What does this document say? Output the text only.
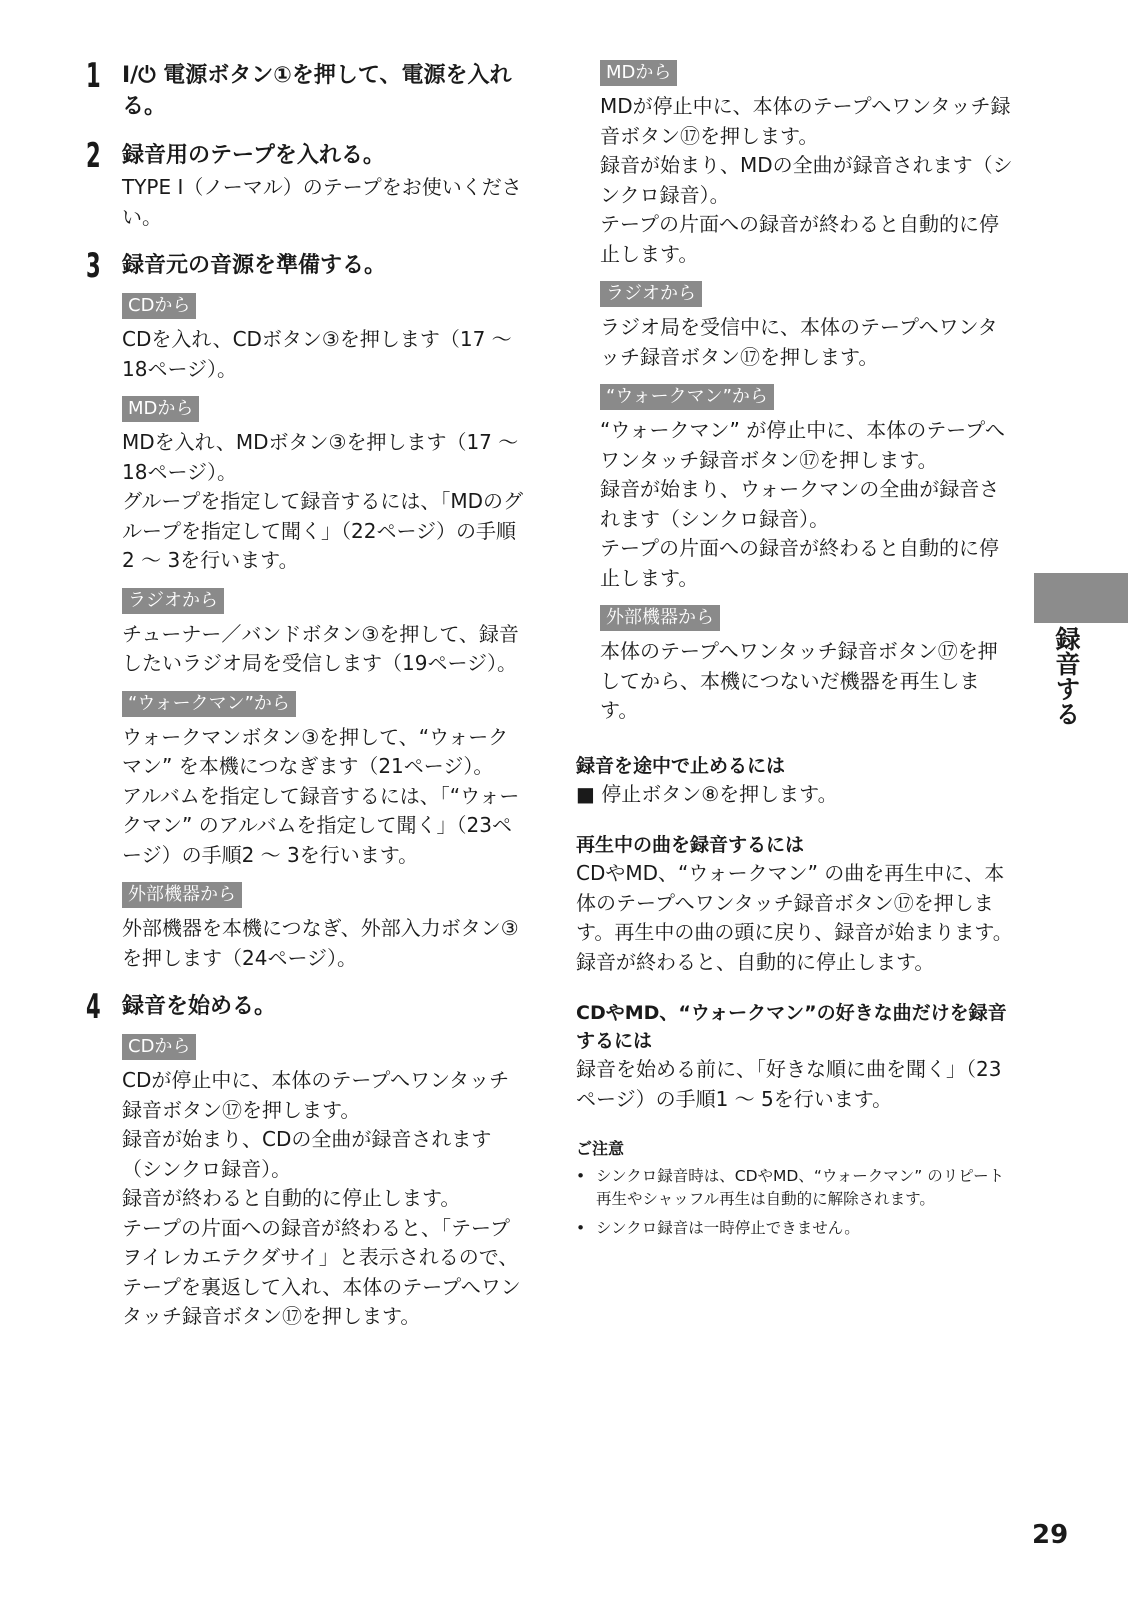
1 I/⏻ 電源ボタン①を押して、電源を入れる。

2 録音用のテープを入れる。

TYPE I（ノーマル）のテープをお使いください。

3 録音元の音源を準備する。

CDから

CDを入れ、CDボタン③を押します（17 ～ 18ページ）。

MDから

MDを入れ、MDボタン③を押します（17 ～ 18ページ）。

グループを指定して録音するには、「MDのグループを指定して聞く」（22ページ）の手順2 ～ 3を行います。

ラジオから

チューナー／バンドボタン③を押して、録音したいラジオ局を受信します（19ページ）。

“ウォークマン”から

ウォークマンボタン③を押して、“ウォークマン” を本機につなぎます（21ページ）。

アルバムを指定して録音するには、「“ウォークマン” のアルバムを指定して聞く」（23ページ）の手順2 ～ 3を行います。

外部機器から

外部機器を本機につなぎ、外部入力ボタン③を押します（24ページ）。

4 録音を始める。

CDから

CDが停止中に、本体のテープへワンタッチ録音ボタン⑰を押します。

録音が始まり、CDの全曲が録音されます（シンクロ録音）。

録音が終わると自動的に停止します。

テープの片面への録音が終わると、「テープヲイレカエテクダサイ」と表示されるので、テープを裏返して入れ、本体のテープへワンタッチ録音ボタン⑰を押します。

MDから

MDが停止中に、本体のテープへワンタッチ録音ボタン⑰を押します。

録音が始まり、MDの全曲が録音されます（シンクロ録音）。

テープの片面への録音が終わると自動的に停止します。

ラジオから

ラジオ局を受信中に、本体のテープへワンタッチ録音ボタン⑰を押します。

“ウォークマン”から

“ウォークマン” が停止中に、本体のテープへワンタッチ録音ボタン⑰を押します。

録音が始まり、ウォークマンの全曲が録音されます（シンクロ録音）。

テープの片面への録音が終わると自動的に停止します。

外部機器から

本体のテープへワンタッチ録音ボタン⑰を押してから、本機につないだ機器を再生します。

録音を途中で止めるには

■ 停止ボタン⑧を押します。

再生中の曲を録音するには

CDやMD、“ウォークマン” の曲を再生中に、本体のテープへワンタッチ録音ボタン⑰を押します。再生中の曲の頭に戻り、録音が始まります。録音が終わると、自動的に停止します。

CDやMD、“ウォークマン”の好きな曲だけを録音するには

録音を始める前に、「好きな順に曲を聞く」（23ページ）の手順1 ～ 5を行います。

ご注意

• シンクロ録音時は、CDやMD、“ウォークマン” のリピート再生やシャッフル再生は自動的に解除されます。
• シンクロ録音は一時停止できません。
録音する
29
